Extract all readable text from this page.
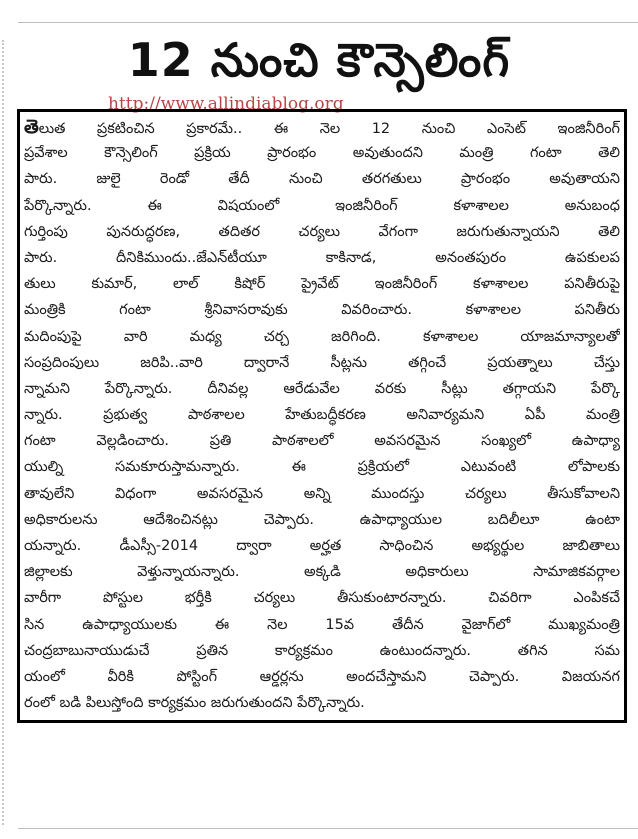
12 నుంచి కౌన్సెలింగ్
http://www.allindiablog.org
తెలుత ప్రకటించిన ప్రకారమే.. ఈ నెల 12 నుంచి ఎంసెట్ ఇంజినీరింగ్
ప్రవేశాల కౌన్సెలింగ్ ప్రక్రియ ప్రారంభం అవుతుందని మంత్రి గంటా తెలి
పారు. జులై రెండో తేదీ నుంచి తరగతులు ప్రారంభం అవుతాయని
పేర్కొన్నారు. ఈ విషయంలో ఇంజినీరింగ్ కళాశాలల అనుబంధ
గుర్తింపు పునరుద్ధరణ, తదితర చర్యలు వేగంగా జరుగుతున్నాయని తెలి
పారు. దీనికిముందు..జేఎన్‌టీయూ కాకినాడ, అనంతపురం ఉపకులప
తులు కుమార్, లాల్ కిషోర్ ప్రైవేట్ ఇంజినీరింగ్ కళాశాలల పనితీరుపై
మంత్రికి గంటా శ్రీనివాసరావుకు వివరించారు. కళాశాలల పనితీరు
మదింపుపై వారి మధ్య చర్చ జరిగింది. కళాశాలల యాజమాన్యాలతో
సంప్రదింపులు జరిపి..వారి ద్వారానే సీట్లను తగ్గించే ప్రయత్నాలు చేస్తు
న్నామని పేర్కొన్నారు. దీనివల్ల ఆరేడువేల వరకు సీట్లు తగ్గాయని పేర్కొ
న్నారు. ప్రభుత్వ పాఠశాలల హేతుబద్ధీకరణ అనివార్యమని ఏపీ మంత్రి
గంటా వెల్లడించారు. ప్రతి పాఠశాలలో అవసరమైన సంఖ్యలో ఉపాధ్యా
యుల్ని సమకూరుస్తామన్నారు. ఈ ప్రక్రియలో ఎటువంటి లోపాలకు
తావులేని విధంగా అవసరమైన అన్ని ముందస్తు చర్యలు తీసుకోవాలని
అధికారులను ఆదేశించినట్లు చెప్పారు. ఉపాధ్యాయుల బదిలీలూ ఉంటా
యన్నారు. డీఎస్సీ-2014 ద్వారా అర్హత సాధించిన అభ్యర్థుల జాబితాలు
జిల్లాలకు వెళ్తున్నాయన్నారు. అక్కడి అధికారులు సామాజికవర్గాల
వారీగా పోస్టుల భర్తీకి చర్యలు తీసుకుంటారన్నారు. చివరిగా ఎంపికచే
సిన ఉపాధ్యాయులకు ఈ నెల 15వ తేదీన వైజాగ్‌లో ముఖ్యమంత్రి
చంద్రబాబునాయుడుచే ప్రతిన కార్యక్రమం ఉంటుందన్నారు. తగిన సమ
యంలో వీరికి పోస్టింగ్ ఆర్డర్లను అందచేస్తామని చెప్పారు. విజయనగ
రంలో బడి పిలుస్తోంది కార్యక్రమం జరుగుతుందని పేర్కొన్నారు.
